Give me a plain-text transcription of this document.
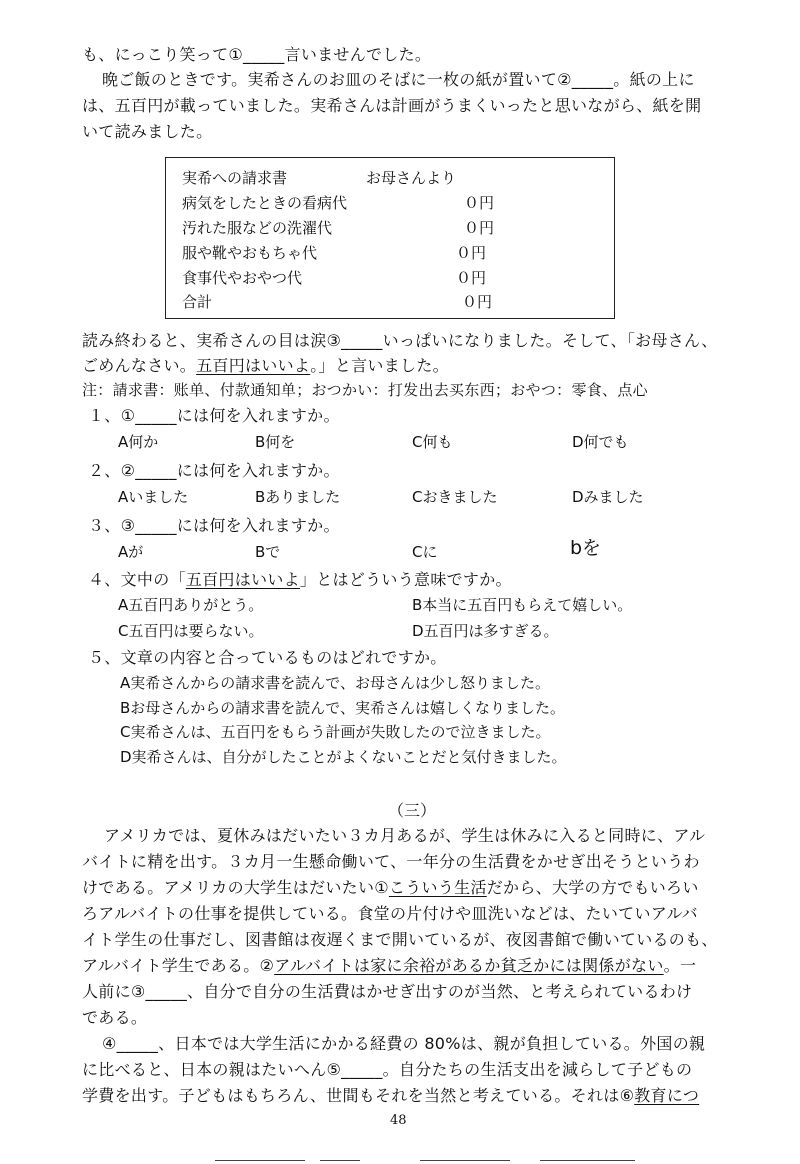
も、にっこり笑って①_____言いませんでした。
晩ご飯のときです。実希さんのお皿のそばに一枚の紙が置いて②_____。紙の上に
は、五百円が載っていました。実希さんは計画がうまくいったと思いながら、紙を開
いて読みました。
実希への請求書	お母さんより
病気をしたときの看病代	０円
汚れた服などの洗濯代	０円
服や靴やおもちゃ代	０円
食事代やおやつ代	０円
合計	０円
読み終わると、実希さんの目は涙③_____いっぱいになりました。そして、「お母さん、
ごめんなさい。五百円はいいよ。」と言いました。
注：請求書：账单、付款通知单；おつかい：打发出去买东西；おやつ：零食、点心
１、①_____には何を入れますか。
A何か	B何を	C何も	D何でも
２、②_____には何を入れますか。
Aいました	Bありました	Cおきました	Dみました
３、③_____には何を入れますか。
Aが	Bで	Cに	bを
４、文中の「五百円はいいよ」とはどういう意味ですか。
A五百円ありがとう。	B本当に五百円もらえて嬉しい。
C五百円は要らない。	D五百円は多すぎる。
５、文章の内容と合っているものはどれですか。
A実希さんからの請求書を読んで、お母さんは少し怒りました。
Bお母さんからの請求書を読んで、実希さんは嬉しくなりました。
C実希さんは、五百円をもらう計画が失敗したので泣きました。
D実希さんは、自分がしたことがよくないことだと気付きました。
（三）
アメリカでは、夏休みはだいたい３カ月あるが、学生は休みに入ると同時に、アル
バイトに精を出す。３カ月一生懸命働いて、一年分の生活費をかせぎ出そうというわ
けである。アメリカの大学生はだいたい①こういう生活だから、大学の方でもいろい
ろアルバイトの仕事を提供している。食堂の片付けや皿洗いなどは、たいていアルバ
イト学生の仕事だし、図書館は夜遅くまで開いているが、夜図書館で働いているのも、
アルバイト学生である。②アルバイトは家に余裕があるか貧乏かには関係がない。一
人前に③_____、自分で自分の生活費はかせぎ出すのが当然、と考えられているわけ
である。
④_____、日本では大学生活にかかる経費の 80%は、親が負担している。外国の親
に比べると、日本の親はたいへん⑤_____。自分たちの生活支出を減らして子どもの
学費を出す。子どもはもちろん、世間もそれを当然と考えている。それは⑥教育につ
48
